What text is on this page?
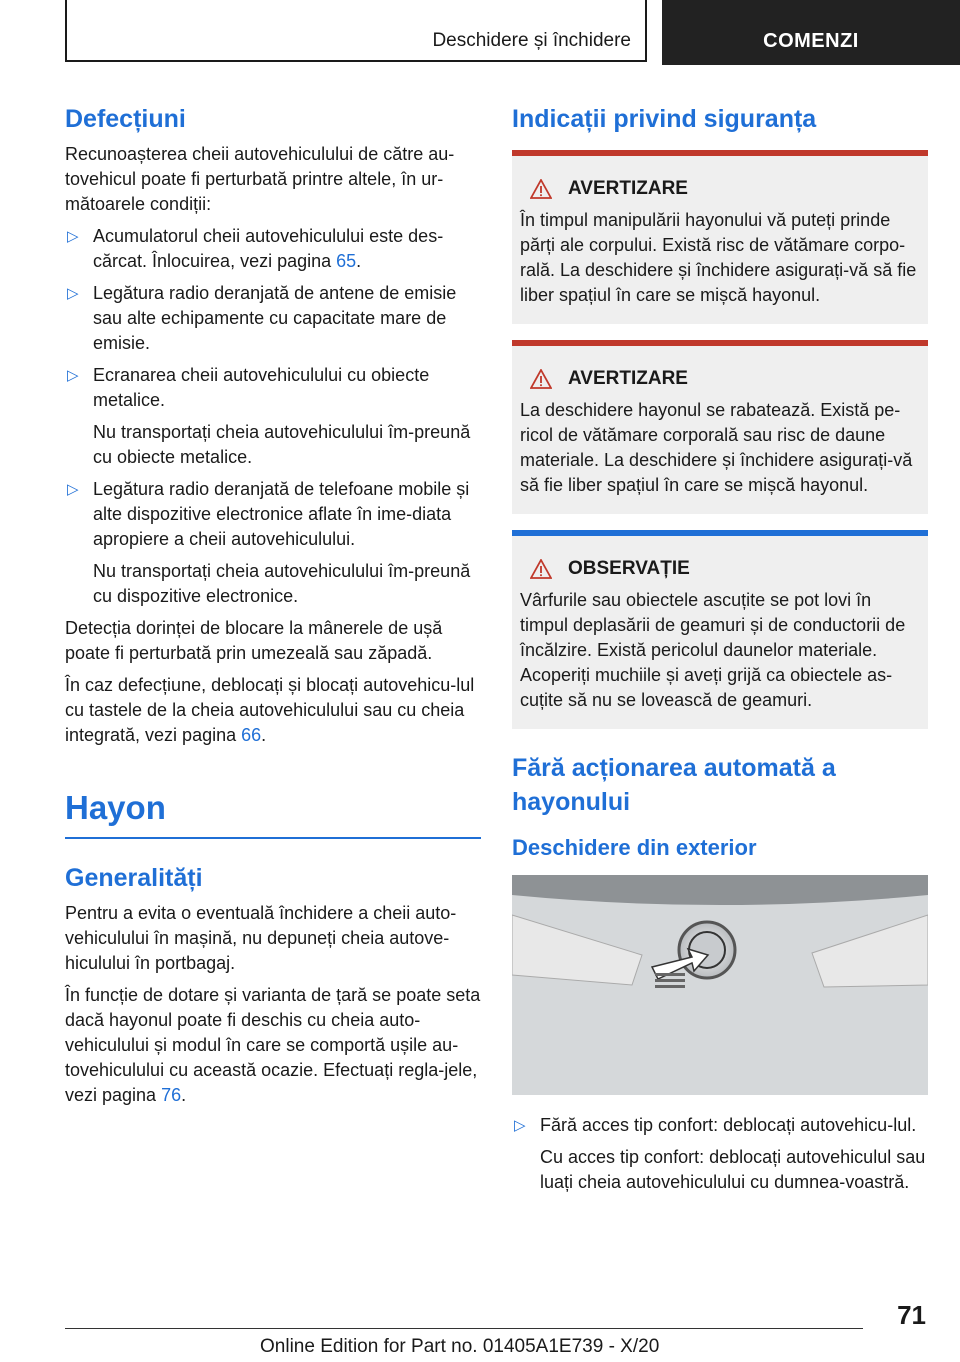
Deschidere și închidere	COMENZI
Defecțiuni

Recunoașterea cheii autovehiculului de către au-tovehicul poate fi perturbată printre altele, în ur-mătoarele condiții:

▷ Acumulatorul cheii autovehiculului este des-cărcat. Înlocuirea, vezi pagina 65.
▷ Legătura radio deranjată de antene de emisie sau alte echipamente cu capacitate mare de emisie.
▷ Ecranarea cheii autovehiculului cu obiecte metalice.
Nu transportați cheia autovehiculului îm-preună cu obiecte metalice.
▷ Legătura radio deranjată de telefoane mobile și alte dispozitive electronice aflate în ime-diata apropiere a cheii autovehiculului.
Nu transportați cheia autovehiculului îm-preună cu dispozitive electronice.

Detecția dorinței de blocare la mânerele de ușă poate fi perturbată prin umezeală sau zăpadă.

În caz defecțiune, deblocați și blocați autovehicu-lul cu tastele de la cheia autovehiculului sau cu cheia integrată, vezi pagina 66.

Hayon
Generalități

Pentru a evita o eventuală închidere a cheii auto-vehiculului în mașină, nu depuneți cheia autove-hiculului în portbagaj.

În funcție de dotare și varianta de țară se poate seta dacă hayonul poate fi deschis cu cheia auto-vehiculului și modul în care se comportă ușile au-tovehiculului cu această ocazie. Efectuați regla-jele, vezi pagina 76.

Indicații privind siguranța
AVERTIZARE

În timpul manipulării hayonului vă puteți prinde părți ale corpului. Există risc de vătămare corpo-rală. La deschidere și închidere asigurați-vă să fie liber spațiul în care se mișcă hayonul.

AVERTIZARE

La deschidere hayonul se rabatează. Există pe-ricol de vătămare corporală sau risc de daune materiale. La deschidere și închidere asigurați-vă să fie liber spațiul în care se mișcă hayonul.

OBSERVAȚIE

Vârfurile sau obiectele ascuțite se pot lovi în timpul deplasării de geamuri și de conductorii de încălzire. Există pericolul daunelor materiale. Acoperiți muchiile și aveți grijă ca obiectele as-cuțite să nu se lovească de geamuri.

Fără acționarea automată a hayonului
Deschidere din exterior
▷ Fără acces tip confort: deblocați autovehicu-lul.
Cu acces tip confort: deblocați autovehiculul sau luați cheia autovehiculului cu dumnea-voastră.
71
Online Edition for Part no. 01405A1E739 - X/20
